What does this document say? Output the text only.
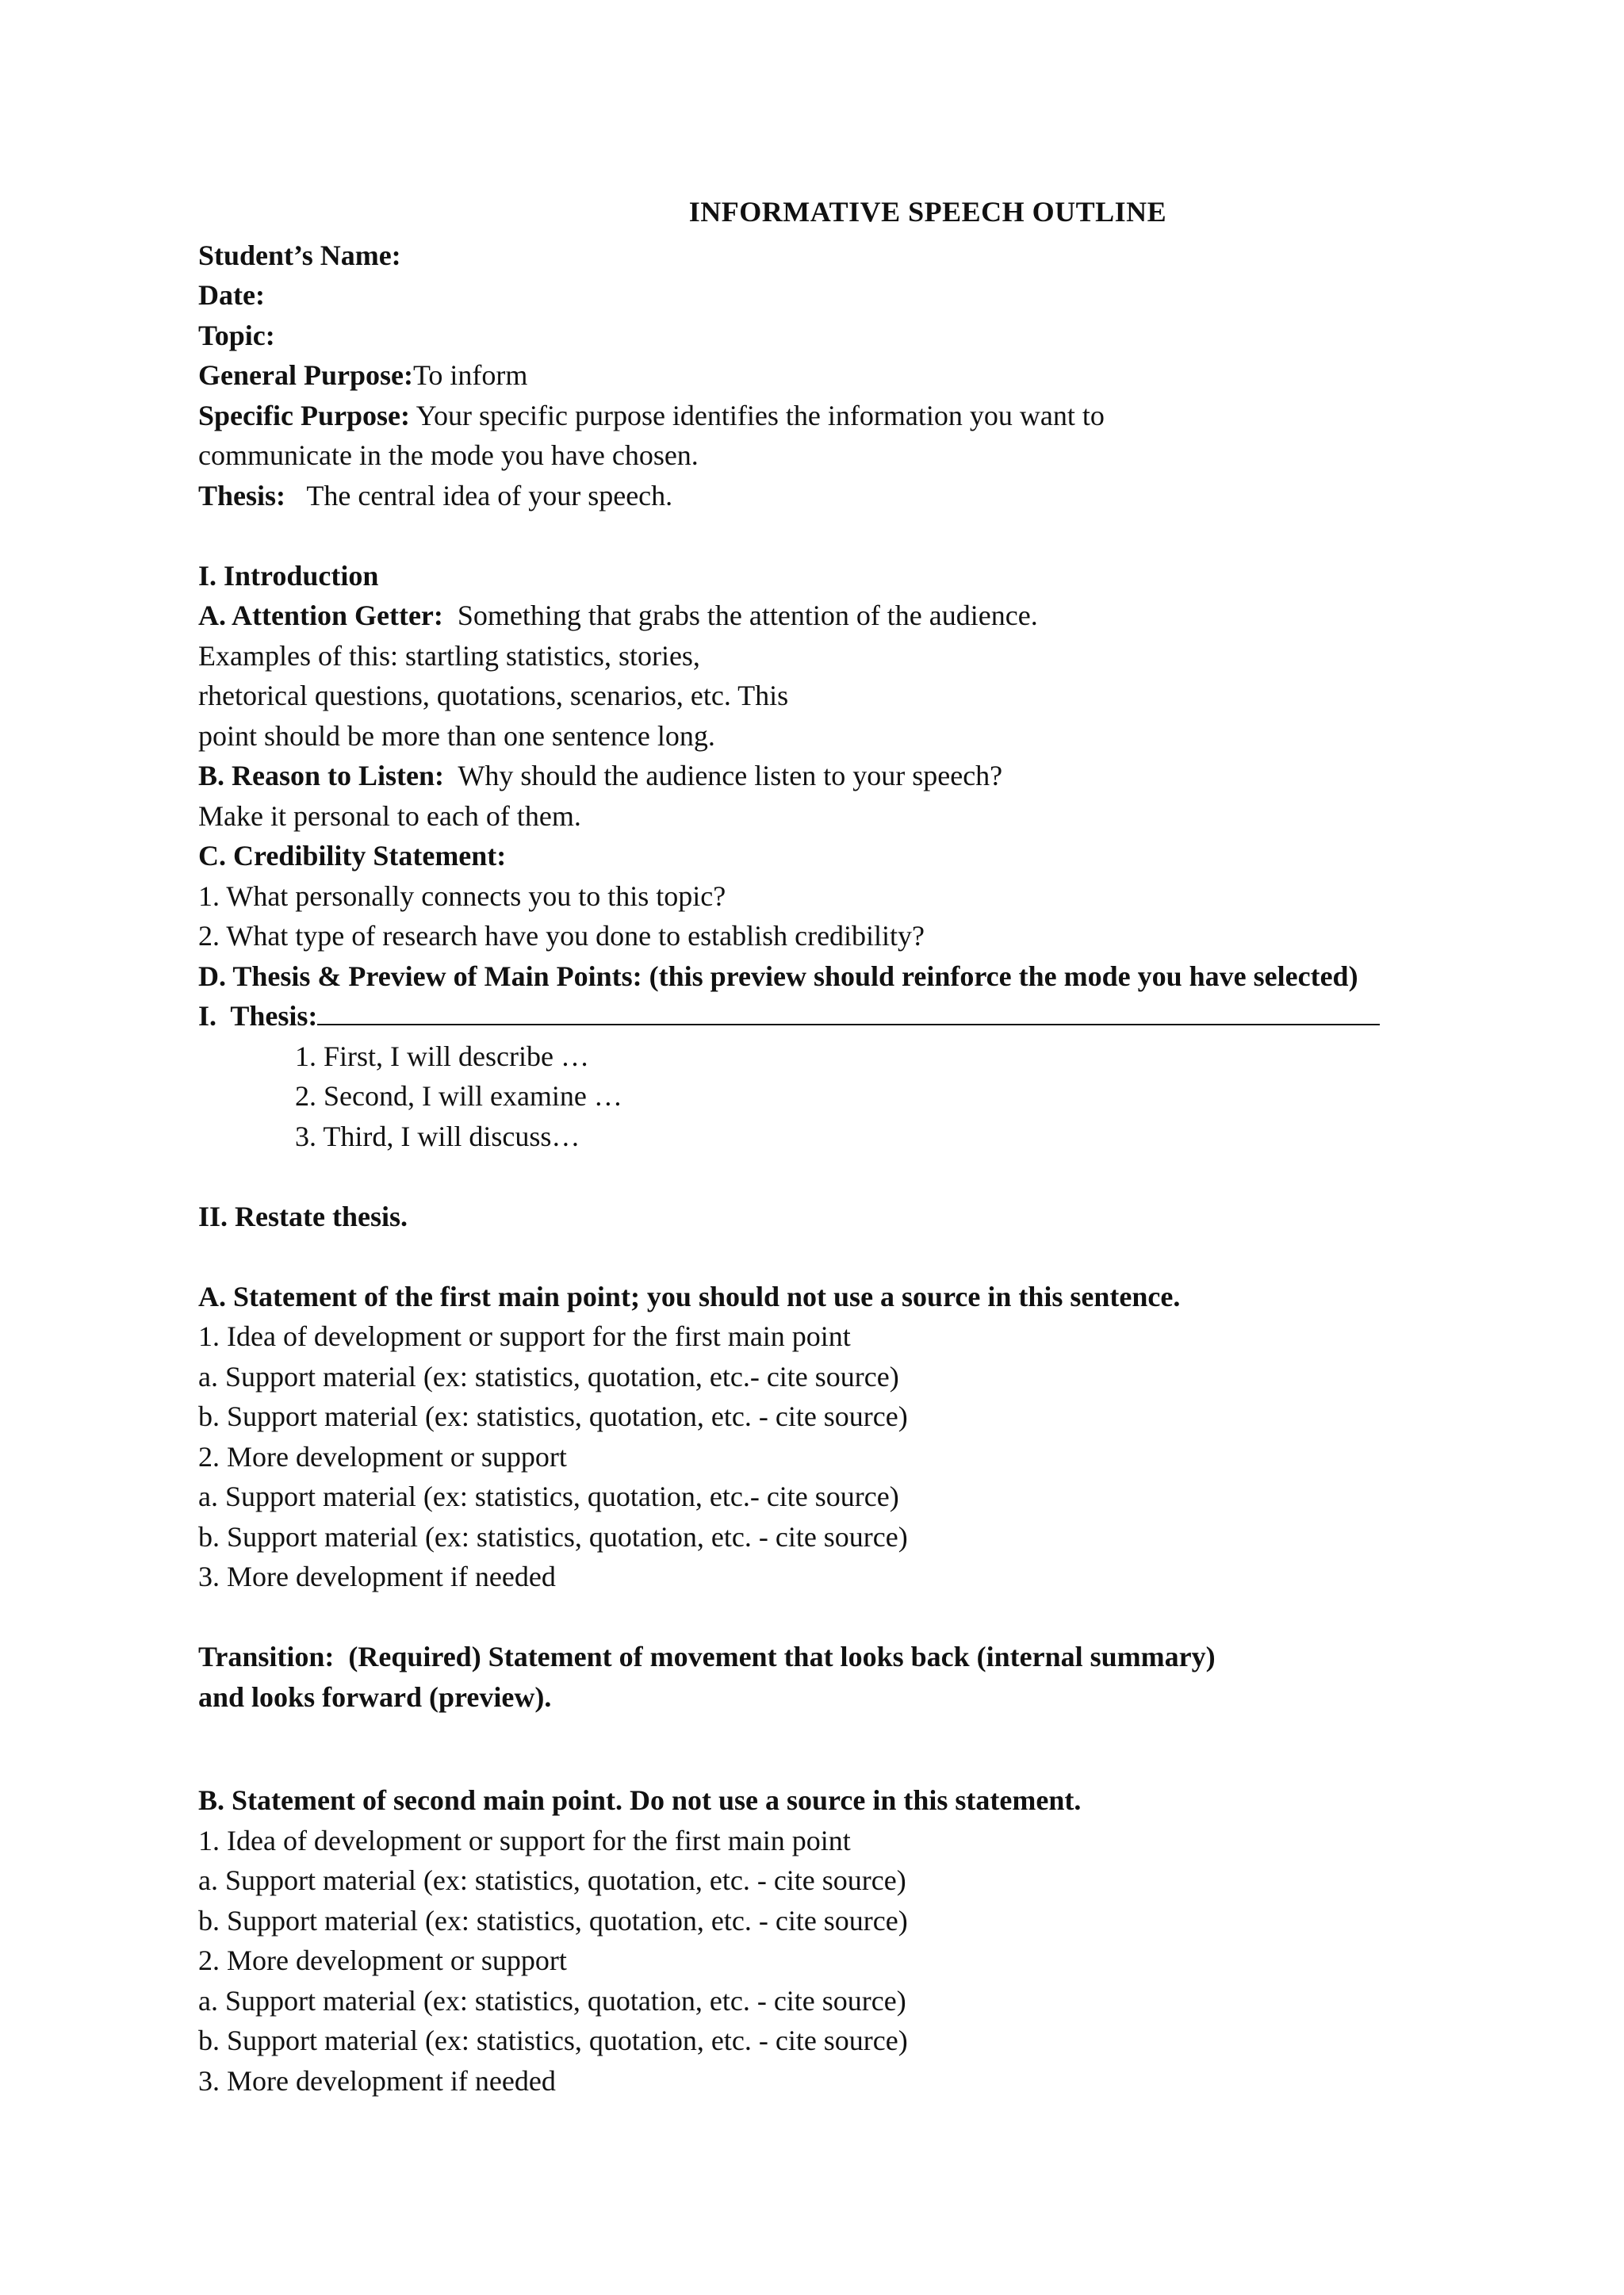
INFORMATIVE SPEECH OUTLINE
Student’s Name:
Date:
Topic:
General Purpose:To inform
Specific Purpose: Your specific purpose identifies the information you want to
communicate in the mode you have chosen.
Thesis:   The central idea of your speech.
I. Introduction
A. Attention Getter:  Something that grabs the attention of the audience.
Examples of this: startling statistics, stories,
rhetorical questions, quotations, scenarios, etc. This
point should be more than one sentence long.
B. Reason to Listen:  Why should the audience listen to your speech?
Make it personal to each of them.
C. Credibility Statement:
1. What personally connects you to this topic?
2. What type of research have you done to establish credibility?
D. Thesis & Preview of Main Points: (this preview should reinforce the mode you have selected)
I.  Thesis:
1. First, I will describe …
2. Second, I will examine …
3. Third, I will discuss…
II. Restate thesis.
A. Statement of the first main point; you should not use a source in this sentence.
1. Idea of development or support for the first main point
a. Support material (ex: statistics, quotation, etc.- cite source)
b. Support material (ex: statistics, quotation, etc. - cite source)
2. More development or support
a. Support material (ex: statistics, quotation, etc.- cite source)
b. Support material (ex: statistics, quotation, etc. - cite source)
3. More development if needed
Transition:  (Required) Statement of movement that looks back (internal summary)
and looks forward (preview).
B. Statement of second main point. Do not use a source in this statement.
1. Idea of development or support for the first main point
a. Support material (ex: statistics, quotation, etc. - cite source)
b. Support material (ex: statistics, quotation, etc. - cite source)
2. More development or support
a. Support material (ex: statistics, quotation, etc. - cite source)
b. Support material (ex: statistics, quotation, etc. - cite source)
3. More development if needed
